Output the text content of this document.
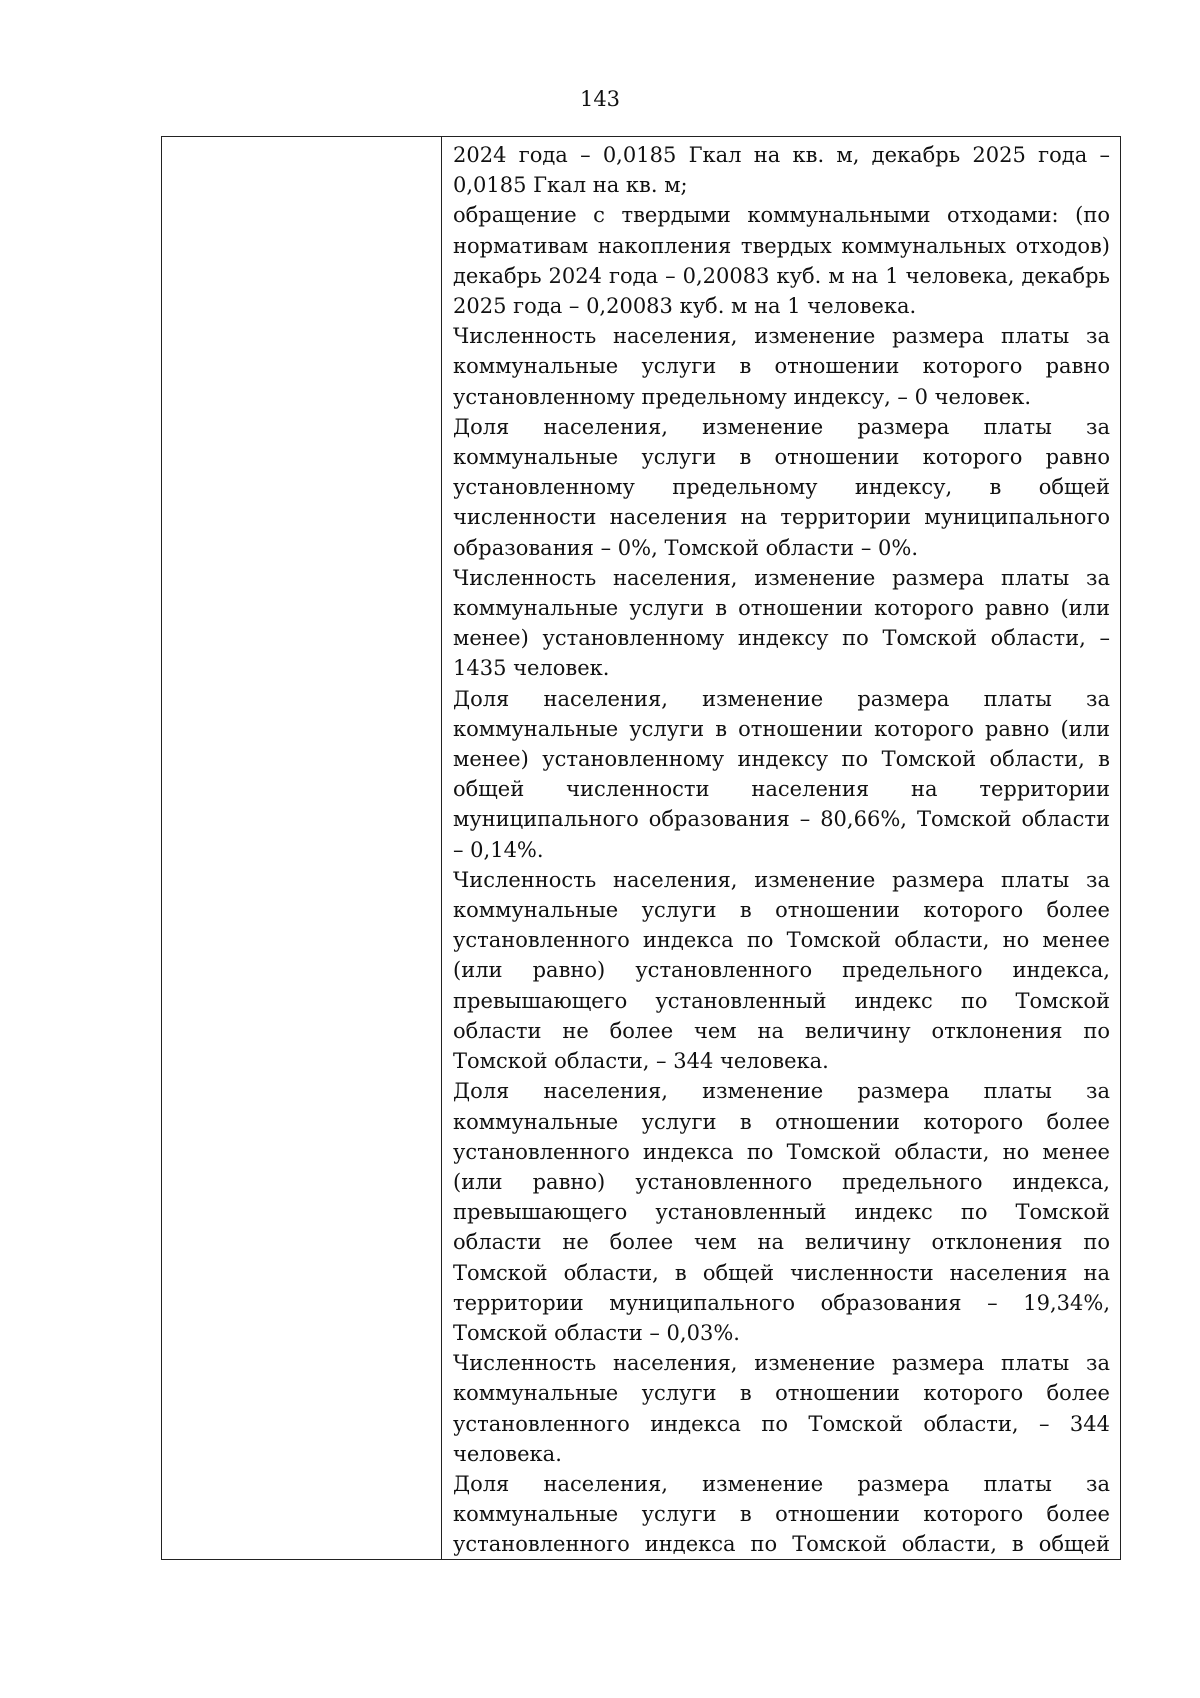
143

2024 года – 0,0185 Гкал на кв. м, декабрь 2025 года –
0,0185 Гкал на кв. м;

обращение с твердыми коммунальными отходами: (по
нормативам накопления твердых коммунальных отходов)
декабрь 2024 года – 0,20083 куб. м на 1 человека, декабрь
2025 года – 0,20083 куб. м на 1 человека.

Численность населения, изменение размера платы за
коммунальные услуги в отношении которого равно
установленному предельному индексу, – 0 человек.

Доля населения, изменение размера платы за
коммунальные услуги в отношении которого равно
установленному предельному индексу, в общей
численности населения на территории муниципального
образования – 0%, Томской области – 0%.

Численность населения, изменение размера платы за
коммунальные услуги в отношении которого равно (или
менее) установленному индексу по Томской области, –
1435 человек.

Доля населения, изменение размера платы за
коммунальные услуги в отношении которого равно (или
менее) установленному индексу по Томской области, в
общей численности населения на территории
муниципального образования – 80,66%, Томской области
– 0,14%.

Численность населения, изменение размера платы за
коммунальные услуги в отношении которого более
установленного индекса по Томской области, но менее
(или равно) установленного предельного индекса,
превышающего установленный индекс по Томской
области не более чем на величину отклонения по
Томской области, – 344 человека.

Доля населения, изменение размера платы за
коммунальные услуги в отношении которого более
установленного индекса по Томской области, но менее
(или равно) установленного предельного индекса,
превышающего установленный индекс по Томской
области не более чем на величину отклонения по
Томской области, в общей численности населения на
территории муниципального образования – 19,34%,
Томской области – 0,03%.

Численность населения, изменение размера платы за
коммунальные услуги в отношении которого более
установленного индекса по Томской области, – 344
человека.

Доля населения, изменение размера платы за
коммунальные услуги в отношении которого более
установленного индекса по Томской области, в общей
